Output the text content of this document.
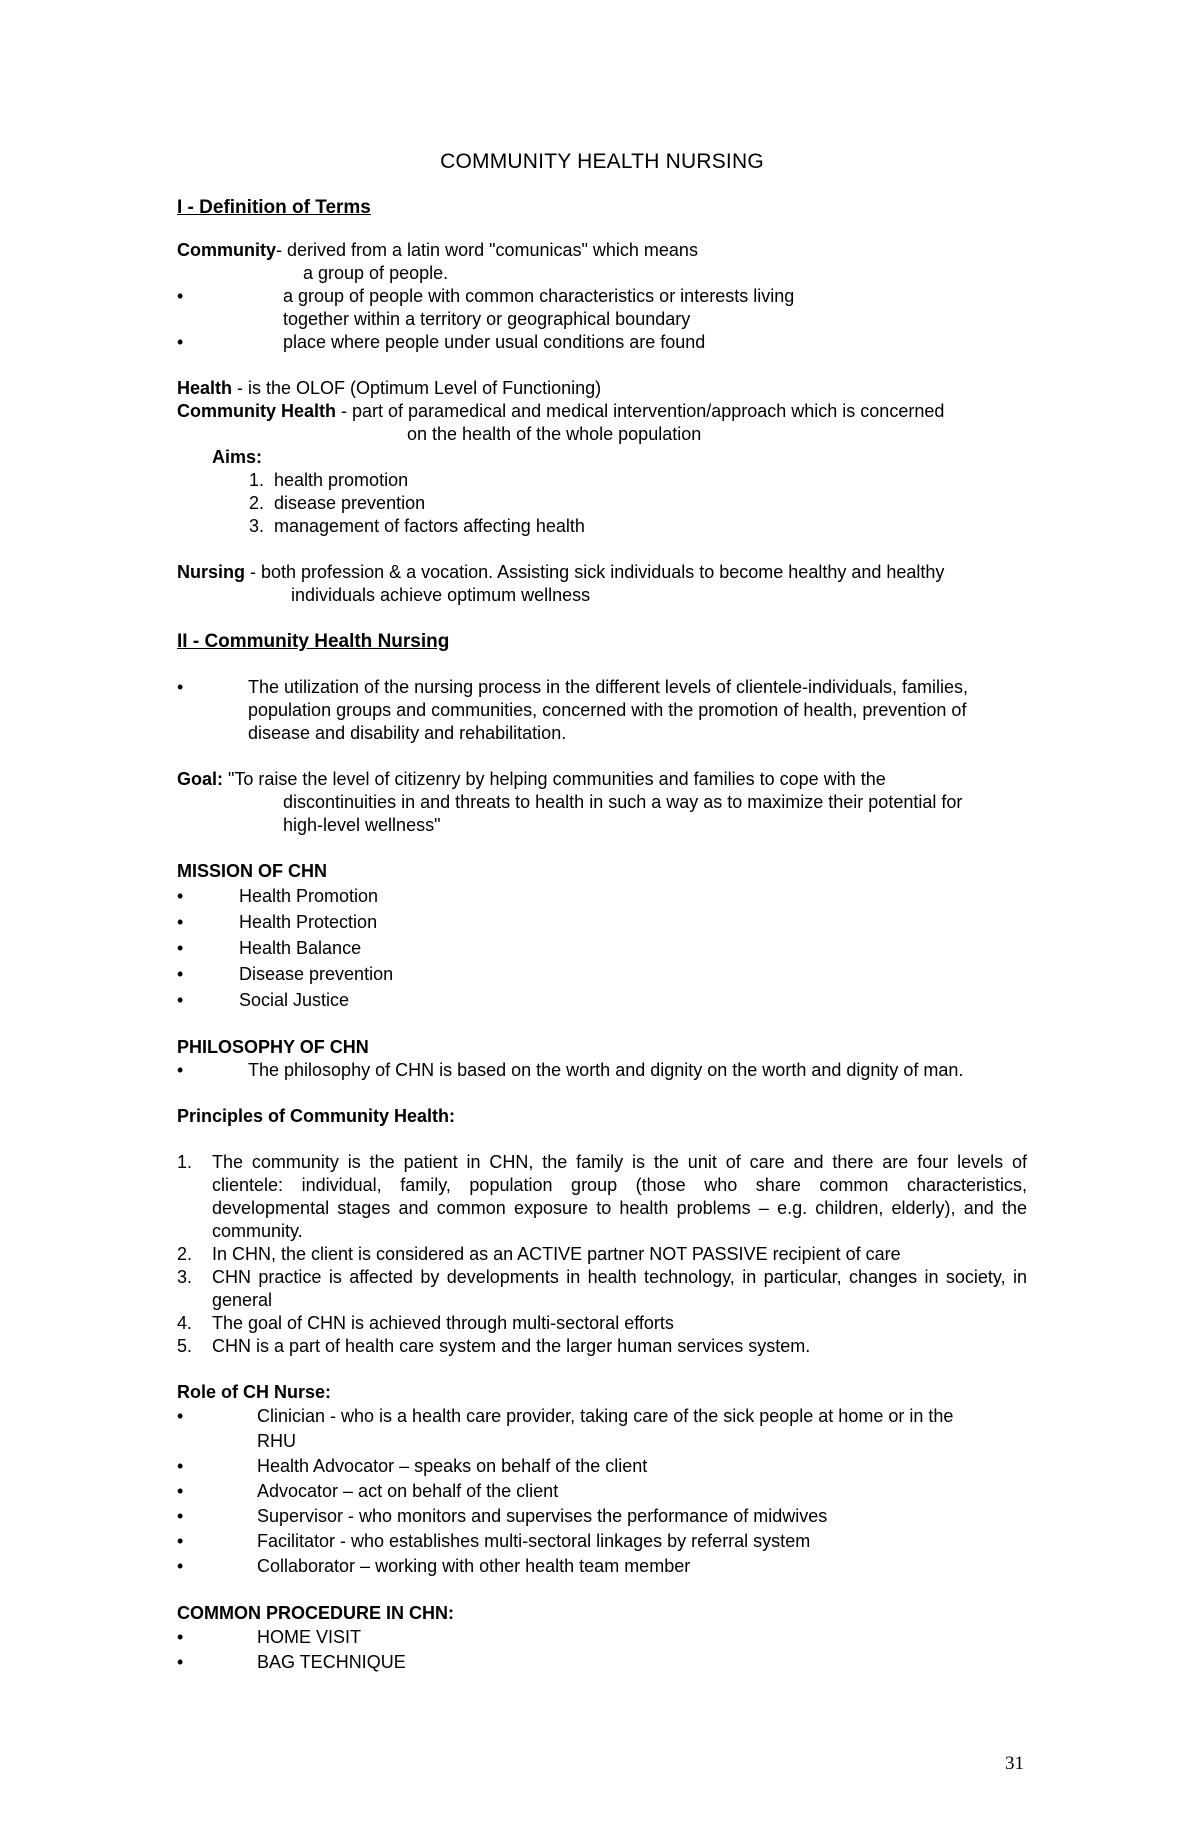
COMMUNITY HEALTH NURSING

I - Definition of Terms

Community- derived from a latin word "comunicas" which means

a group of people.

•	a group of people with common characteristics or interests living together within a territory or geographical boundary
•	place where people under usual conditions are found

Health - is the OLOF (Optimum Level of Functioning)

Community Health - part of paramedical and medical intervention/approach which is concerned

on the health of the whole population

Aims:

1. health promotion
2. disease prevention
3. management of factors affecting health

Nursing - both profession & a vocation. Assisting sick individuals to become healthy and healthy

individuals achieve optimum wellness

II - Community Health Nursing

•	The utilization of the nursing process in the different levels of clientele-individuals, families, population groups and communities, concerned with the promotion of health, prevention of disease and disability and rehabilitation.

Goal: "To raise the level of citizenry by helping communities and families to cope with the

discontinuities in and threats to health in such a way as to maximize their potential for

high-level wellness"

MISSION OF CHN

•	Health Promotion
•	Health Protection
•	Health Balance
•	Disease prevention
•	Social Justice

PHILOSOPHY OF CHN

•	The philosophy of CHN is based on the worth and dignity on the worth and dignity of man.

Principles of Community Health:

1. The community is the patient in CHN, the family is the unit of care and there are four levels of clientele: individual, family, population group (those who share common characteristics, developmental stages and common exposure to health problems – e.g. children, elderly), and the community.
2. In CHN, the client is considered as an ACTIVE partner NOT PASSIVE recipient of care
3. CHN practice is affected by developments in health technology, in particular, changes in society, in general
4. The goal of CHN is achieved through multi-sectoral efforts
5. CHN is a part of health care system and the larger human services system.

Role of CH Nurse:

•	Clinician - who is a health care provider, taking care of the sick people at home or in the RHU
•	Health Advocator – speaks on behalf of the client
•	Advocator – act on behalf of the client
•	Supervisor - who monitors and supervises the performance of midwives
•	Facilitator - who establishes multi-sectoral linkages by referral system
•	Collaborator – working with other health team member

COMMON PROCEDURE IN CHN:

•	HOME VISIT
•	BAG TECHNIQUE
31
